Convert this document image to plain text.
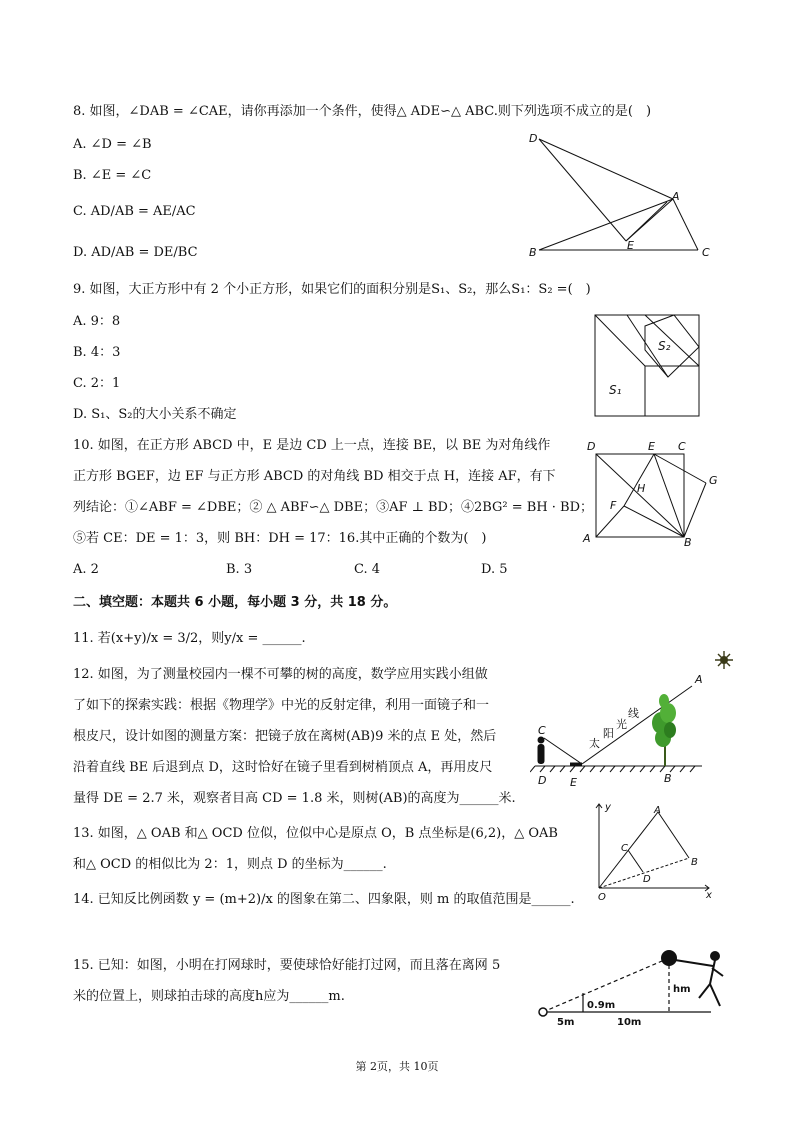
8. 如图，∠DAB = ∠CAE，请你再添加一个条件，使得△ ADE∽△ ABC.则下列选项不成立的是(　)
A. ∠D = ∠B
B. ∠E = ∠C
C. AD/AB = AE/AC
D. AD/AB = DE/BC
D
A
B
E
C
9. 如图，大正方形中有 2 个小正方形，如果它们的面积分别是S₁、S₂，那么S₁：S₂ =(　)
A. 9：8
B. 4：3
C. 2：1
D. S₁、S₂的大小关系不确定
S₂
S₁
10. 如图，在正方形 ABCD 中，E 是边 CD 上一点，连接 BE，以 BE 为对角线作
正方形 BGEF，边 EF 与正方形 ABCD 的对角线 BD 相交于点 H，连接 AF，有下
列结论：①∠ABF = ∠DBE；② △ ABF∽△ DBE；③AF ⊥ BD；④2BG² = BH · BD；
⑤若 CE：DE = 1：3，则 BH：DH = 17：16.其中正确的个数为(　)
A. 2	B. 3	C. 4	D. 5
D	E C
G
H
F
A	B
二、填空题：本题共 6 小题，每小题 3 分，共 18 分。
11. 若(x+y)/x = 3/2，则y/x = ______.
12. 如图，为了测量校园内一棵不可攀的树的高度，数学应用实践小组做
了如下的探索实践：根据《物理学》中光的反射定律，利用一面镜子和一
根皮尺，设计如图的测量方案：把镜子放在离树(AB)9 米的点 E 处，然后
沿着直线 BE 后退到点 D，这时恰好在镜子里看到树梢顶点 A，再用皮尺
量得 DE = 2.7 米，观察者目高 CD = 1.8 米，则树(AB)的高度为______米.
A
C
D E	B
太
阳
光
线
13. 如图，△ OAB 和△ OCD 位似，位似中心是原点 O，B 点坐标是(6,2)，△ OAB
和△ OCD 的相似比为 2：1，则点 D 的坐标为______.
y
x
O
A
B
C
D
14. 已知反比例函数 y = (m+2)/x 的图象在第二、四象限，则 m 的取值范围是______.
15. 已知：如图，小明在打网球时，要使球恰好能打过网，而且落在离网 5
米的位置上，则球拍击球的高度h应为______m.
0.9m
hm
5m	10m
第 2页，共 10页
